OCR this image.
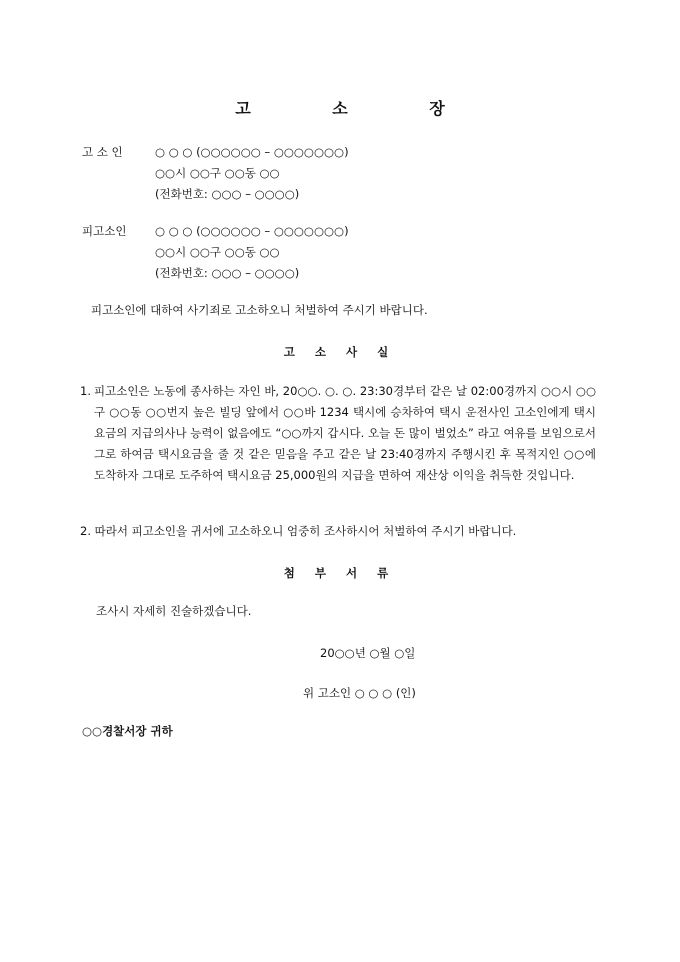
고 소 장
고 소 인	○ ○ ○ (○○○○○○ – ○○○○○○○)
○○시 ○○구 ○○동 ○○
(전화번호: ○○○ – ○○○○)
피고소인 ○ ○ ○ (○○○○○○ – ○○○○○○○)
○○시 ○○구 ○○동 ○○
(전화번호: ○○○ – ○○○○)
피고소인에 대하여 사기죄로 고소하오니 처벌하여 주시기 바랍니다.
고 소 사 실
1. 피고소인은 노동에 종사하는 자인 바, 20○○. ○. ○. 23:30경부터 같은 날 02:00경까지 ○○시 ○○구 ○○동 ○○번지 높은 빌딩 앞에서 ○○바 1234 택시에 승차하여 택시 운전사인 고소인에게 택시요금의 지급의사나 능력이 없음에도 “○○까지 갑시다. 오늘 돈 많이 벌었소” 라고 여유를 보임으로서 그로 하여금 택시요금을 줄 것 같은 믿음을 주고 같은 날 23:40경까지 주행시킨 후 목적지인 ○○에 도착하자 그대로 도주하여 택시요금 25,000원의 지급을 면하여 재산상 이익을 취득한 것입니다.
2. 따라서 피고소인을 귀서에 고소하오니 엄중히 조사하시어 처벌하여 주시기 바랍니다.
첨 부 서 류
조사시 자세히 진술하겠습니다.
20○○년 ○월 ○일
위 고소인 ○ ○ ○ (인)
○○경찰서장 귀하
